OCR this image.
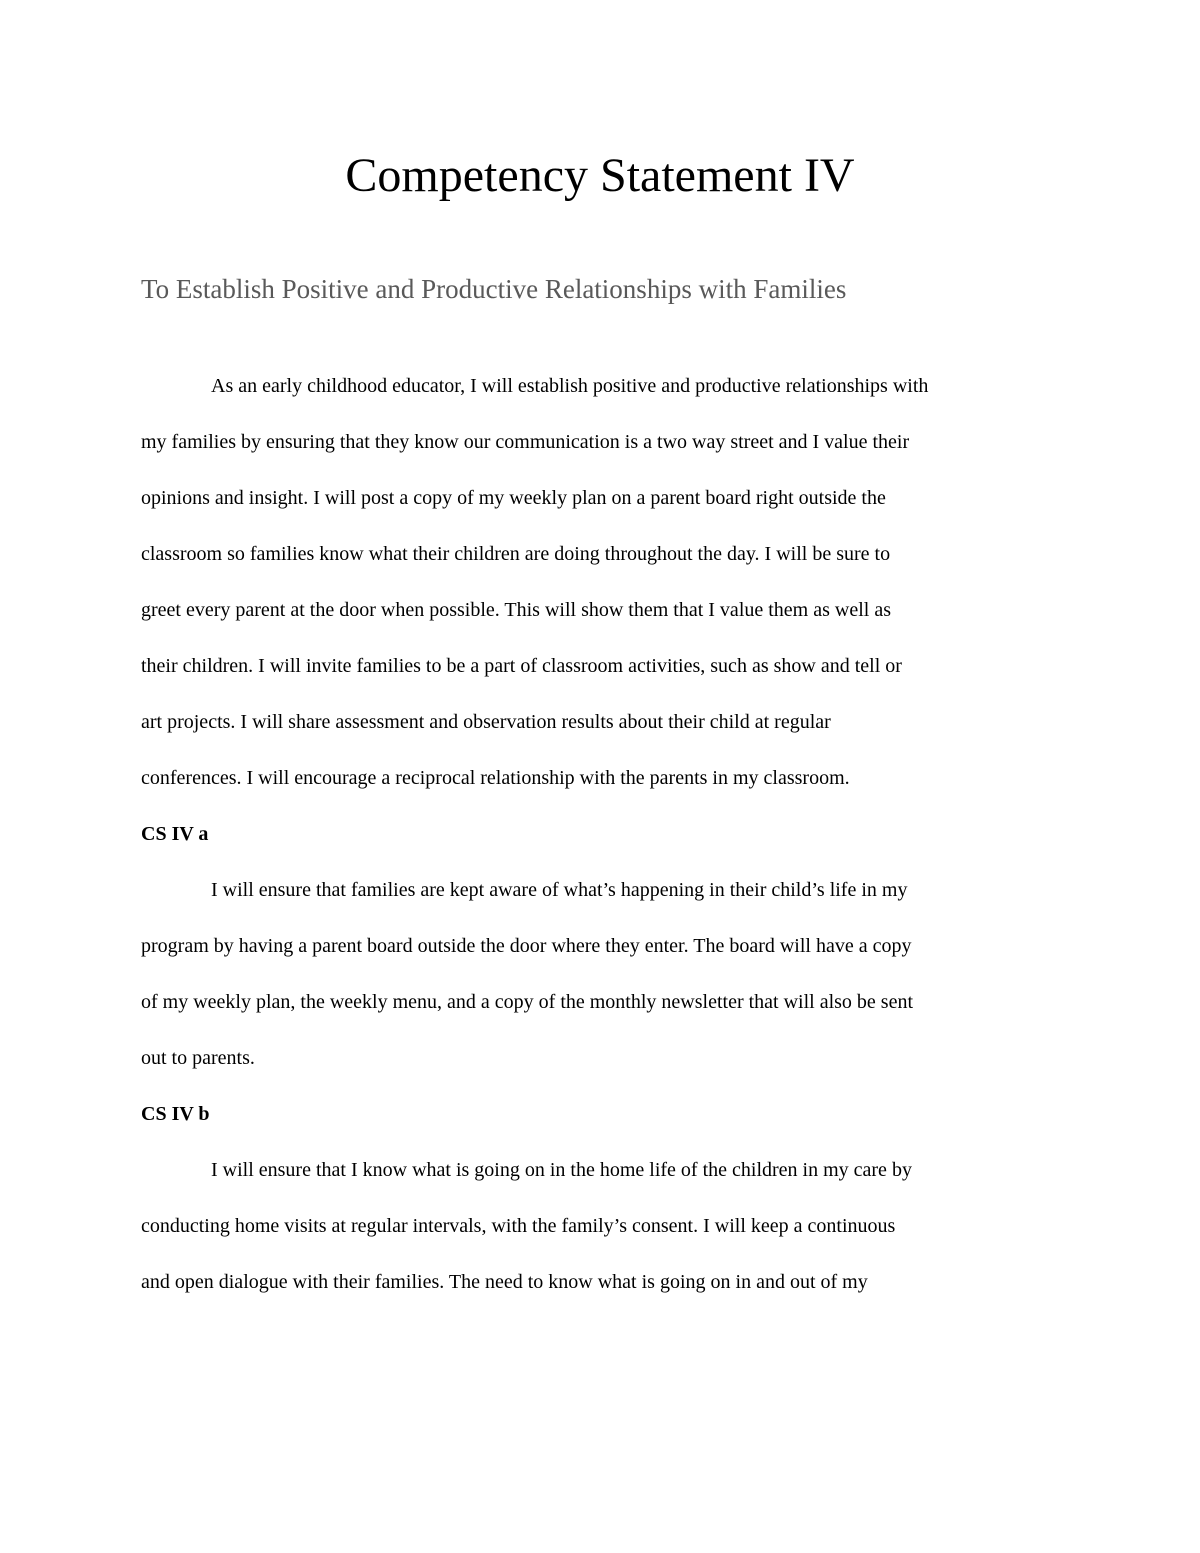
Competency Statement IV
To Establish Positive and Productive Relationships with Families
As an early childhood educator, I will establish positive and productive relationships with
my families by ensuring that they know our communication is a two way street and I value their
opinions and insight. I will post a copy of my weekly plan on a parent board right outside the
classroom so families know what their children are doing throughout the day. I will be sure to
greet every parent at the door when possible. This will show them that I value them as well as
their children. I will invite families to be a part of classroom activities, such as show and tell or
art projects. I will share assessment and observation results about their child at regular
conferences. I will encourage a reciprocal relationship with the parents in my classroom.
CS IV a
I will ensure that families are kept aware of what’s happening in their child’s life in my
program by having a parent board outside the door where they enter. The board will have a copy
of my weekly plan, the weekly menu, and a copy of the monthly newsletter that will also be sent
out to parents.
CS IV b
I will ensure that I know what is going on in the home life of the children in my care by
conducting home visits at regular intervals, with the family’s consent. I will keep a continuous
and open dialogue with their families. The need to know what is going on in and out of my
